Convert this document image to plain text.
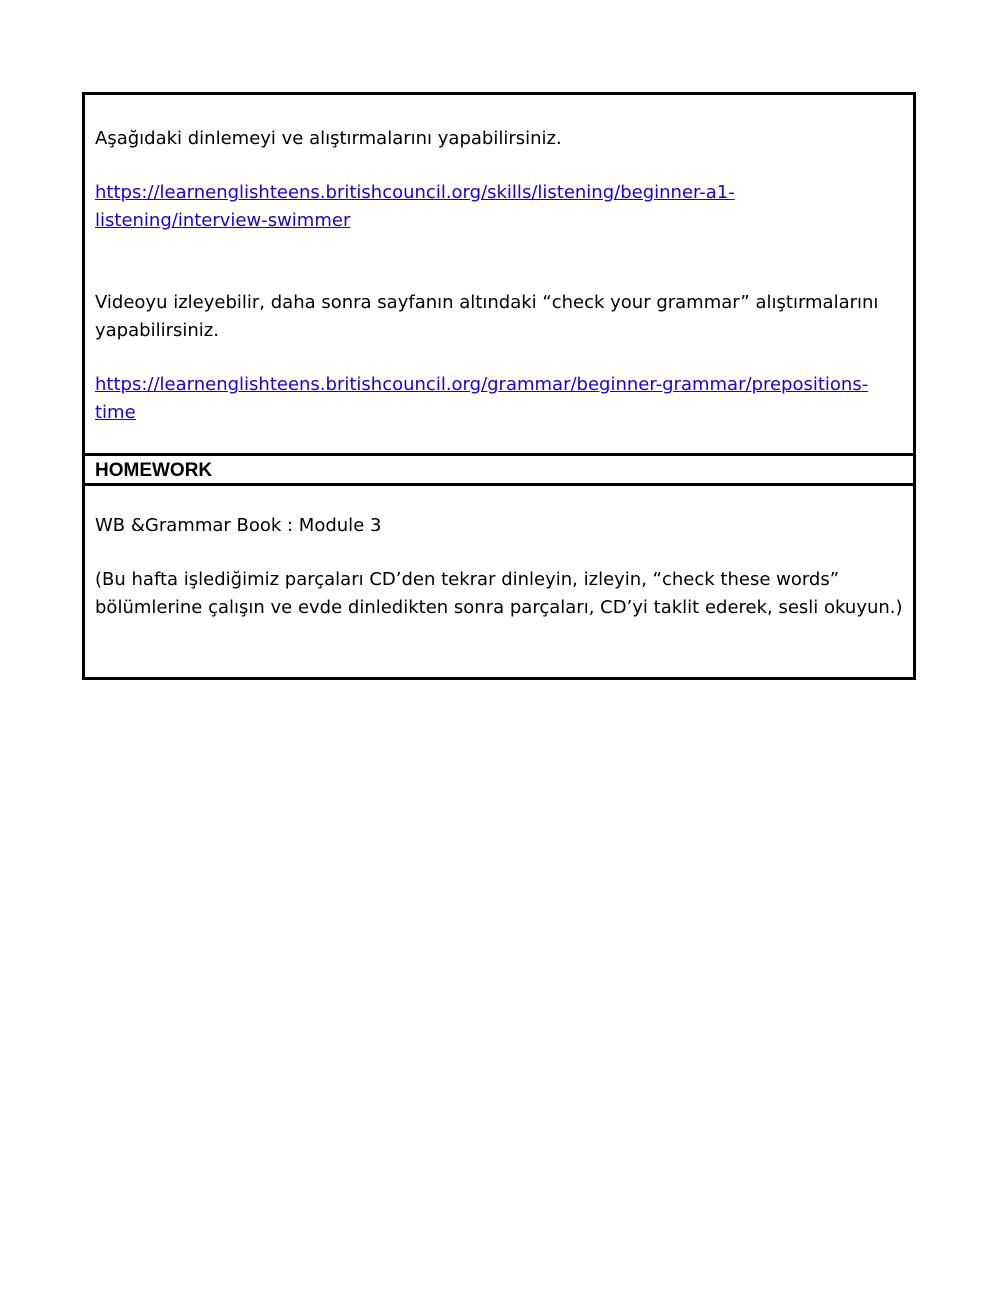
Aşağıdaki dinlemeyi ve alıştırmalarını yapabilirsiniz.

https://learnenglishteens.britishcouncil.org/skills/listening/beginner-a1-
listening/interview-swimmer

Videoyu izleyebilir, daha sonra sayfanın altındaki “check your grammar” alıştırmalarını
yapabilirsiniz.

https://learnenglishteens.britishcouncil.org/grammar/beginner-grammar/prepositions-
time

HOMEWORK

WB &Grammar Book : Module 3

(Bu hafta işlediğimiz parçaları CD’den tekrar dinleyin, izleyin, “check these words”
bölümlerine çalışın ve evde dinledikten sonra parçaları, CD’yi taklit ederek, sesli okuyun.)
